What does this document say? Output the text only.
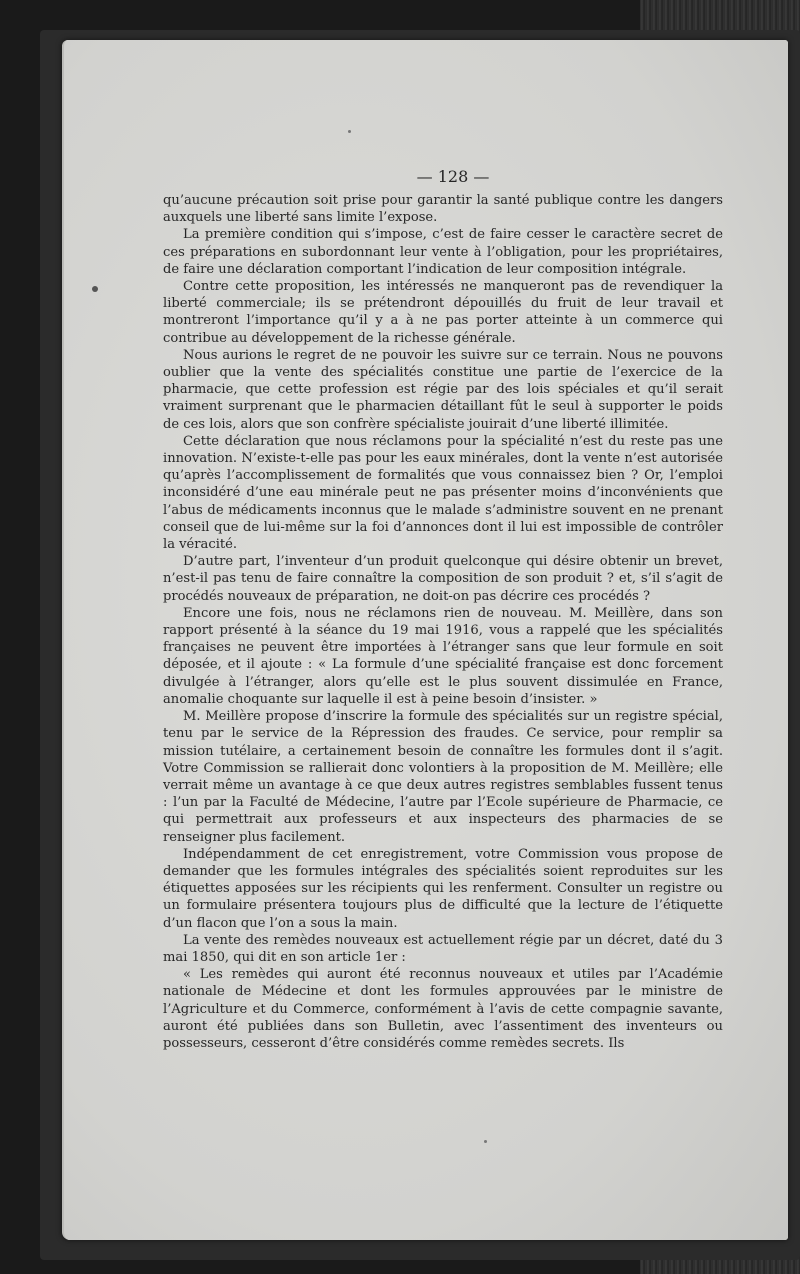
— 128 —

qu’aucune précaution soit prise pour garantir la santé publique contre les dangers auxquels une liberté sans limite l’expose.

La première condition qui s’impose, c’est de faire cesser le caractère secret de ces préparations en subordonnant leur vente à l’obligation, pour les propriétaires, de faire une déclaration comportant l’indication de leur composition intégrale.

Contre cette proposition, les intéressés ne manqueront pas de revendiquer la liberté commerciale; ils se prétendront dépouillés du fruit de leur travail et montreront l’importance qu’il y a à ne pas porter atteinte à un commerce qui contribue au développement de la richesse générale.

Nous aurions le regret de ne pouvoir les suivre sur ce terrain. Nous ne pouvons oublier que la vente des spécialités constitue une partie de l’exercice de la pharmacie, que cette profession est régie par des lois spéciales et qu’il serait vraiment surprenant que le pharmacien détaillant fût le seul à supporter le poids de ces lois, alors que son confrère spécialiste jouirait d’une liberté illimitée.

Cette déclaration que nous réclamons pour la spécialité n’est du reste pas une innovation. N’existe-t-elle pas pour les eaux minérales, dont la vente n’est autorisée qu’après l’accomplissement de formalités que vous connaissez bien ? Or, l’emploi inconsidéré d’une eau minérale peut ne pas présenter moins d’inconvénients que l’abus de médicaments inconnus que le malade s’administre souvent en ne prenant conseil que de lui-même sur la foi d’annonces dont il lui est impossible de contrôler la véracité.

D’autre part, l’inventeur d’un produit quelconque qui désire obtenir un brevet, n’est-il pas tenu de faire connaître la composition de son produit ? et, s’il s’agit de procédés nouveaux de préparation, ne doit-on pas décrire ces procédés ?

Encore une fois, nous ne réclamons rien de nouveau. M. Meillère, dans son rapport présenté à la séance du 19 mai 1916, vous a rappelé que les spécialités françaises ne peuvent être importées à l’étranger sans que leur formule en soit déposée, et il ajoute : « La formule d’une spécialité française est donc forcement divulgée à l’étranger, alors qu’elle est le plus souvent dissimulée en France, anomalie choquante sur laquelle il est à peine besoin d’insister. »

M. Meillère propose d’inscrire la formule des spécialités sur un registre spécial, tenu par le service de la Répression des fraudes. Ce service, pour remplir sa mission tutélaire, a certainement besoin de connaître les formules dont il s’agit. Votre Commission se rallierait donc volontiers à la proposition de M. Meillère; elle verrait même un avantage à ce que deux autres registres semblables fussent tenus : l’un par la Faculté de Médecine, l’autre par l’Ecole supérieure de Pharmacie, ce qui permettrait aux professeurs et aux inspecteurs des pharmacies de se renseigner plus facilement.

Indépendamment de cet enregistrement, votre Commission vous propose de demander que les formules intégrales des spécialités soient reproduites sur les étiquettes apposées sur les récipients qui les renferment. Consulter un registre ou un formulaire présentera toujours plus de difficulté que la lecture de l’étiquette d’un flacon que l’on a sous la main.

La vente des remèdes nouveaux est actuellement régie par un décret, daté du 3 mai 1850, qui dit en son article 1er :

« Les remèdes qui auront été reconnus nouveaux et utiles par l’Académie nationale de Médecine et dont les formules approuvées par le ministre de l’Agriculture et du Commerce, conformément à l’avis de cette compagnie savante, auront été publiées dans son Bulletin, avec l’assentiment des inventeurs ou possesseurs, cesseront d’être considérés comme remèdes secrets. Ils
